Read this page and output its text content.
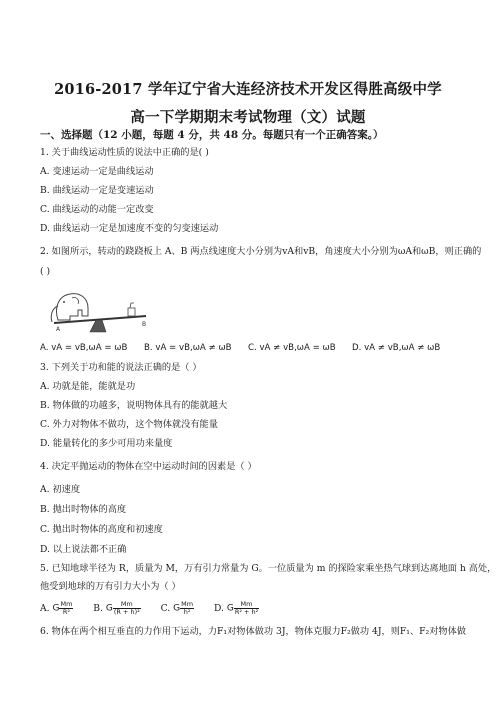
2016-2017 学年辽宁省大连经济技术开发区得胜高级中学
高一下学期期末考试物理（文）试题
一、选择题（12 小题，每题 4 分，共 48 分。每题只有一个正确答案。）
1. 关于曲线运动性质的说法中正确的是( )
A. 变速运动一定是曲线运动
B. 曲线运动一定是变速运动
C. 曲线运动的动能一定改变
D. 曲线运动一定是加速度不变的匀变速运动
2. 如图所示，转动的跷跷板上 A、B 两点线速度大小分别为vA和vB，角速度大小分别为ωA和ωB，则正确的
( )
A
B
A. vA = vB,ωA = ωB B. vA = vB,ωA ≠ ωB C. vA ≠ vB,ωA = ωB D. vA ≠ vB,ωA ≠ ωB
3. 下列关于功和能的说法正确的是（ ）
A. 功就是能，能就是功
B. 物体做的功越多，说明物体具有的能就越大
C. 外力对物体不做功，这个物体就没有能量
D. 能量转化的多少可用功来量度
4. 决定平抛运动的物体在空中运动时间的因素是（ ）
A. 初速度
B. 抛出时物体的高度
C. 抛出时物体的高度和初速度
D. 以上说法都不正确
5. 已知地球半径为 R，质量为 M，万有引力常量为 G。一位质量为 m 的探险家乘坐热气球到达离地面 h 高处，
他受到地球的万有引力大小为（ ）
A. G $\frac{Mm}{\text{R²}} B$. G $\frac{Mm}{\text{(R + h)²}} C$. G $\frac{Mm}{\text{h²}} D$. G $\frac{Mm}{\text{R² + h²}}$
6. 物体在两个相互垂直的力作用下运动，力F₁对物体做功 3J，物体克服力F₂做功 4J，则F₁、F₂对物体做
